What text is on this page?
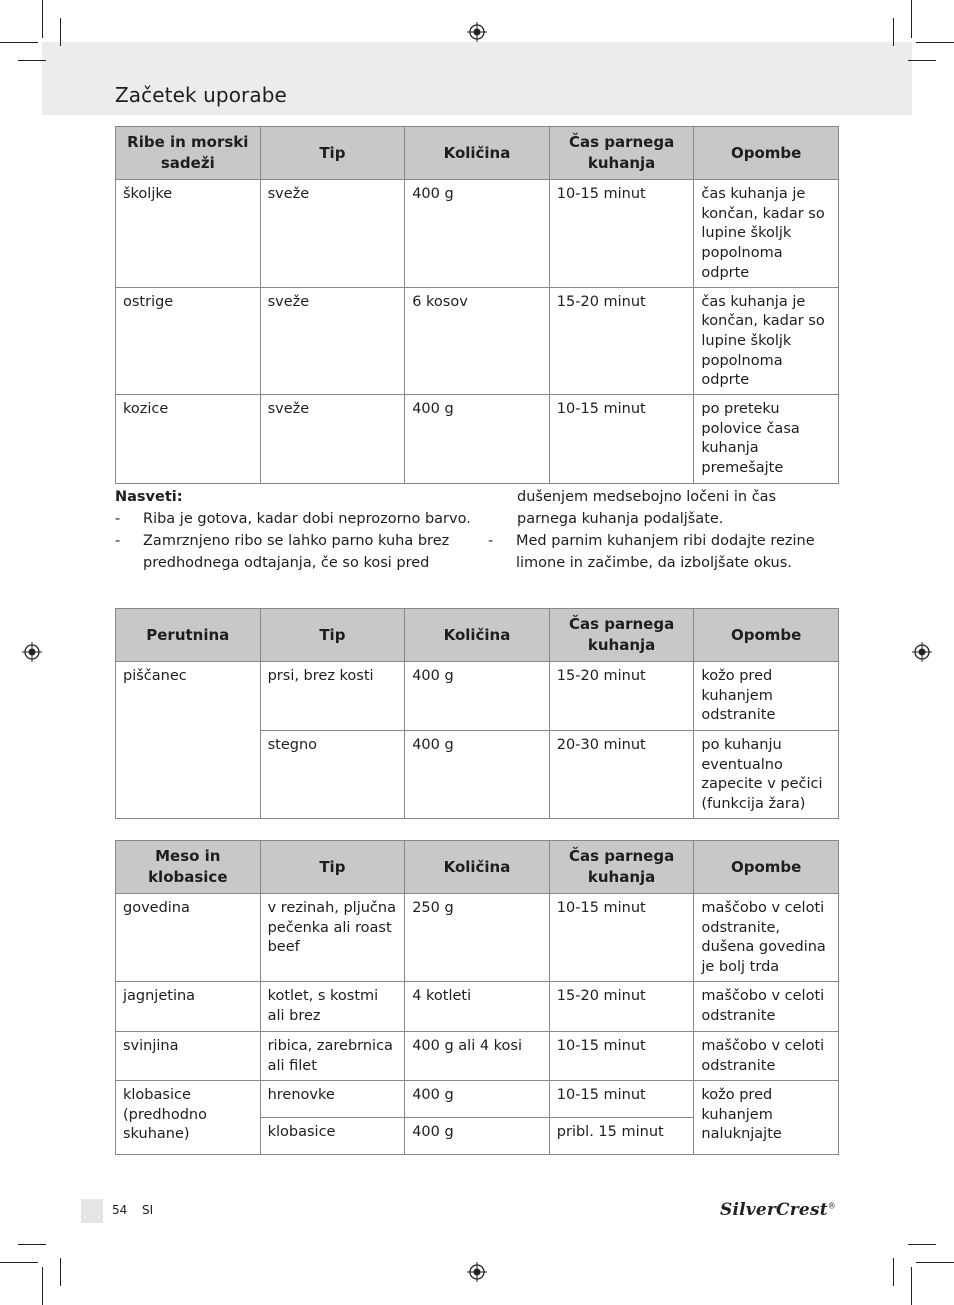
Začetek uporabe
Ribe in morski sadeži	Tip	Količina	Čas parnega kuhanja	Opombe
školjke	sveže	400 g	10-15 minut	čas kuhanja je končan, kadar so lupine školjk popolnoma odprte
ostrige	sveže	6 kosov	15-20 minut	čas kuhanja je končan, kadar so lupine školjk popolnoma odprte
kozice	sveže	400 g	10-15 minut	po preteku polovice časa kuhanja premešajte
Nasveti:
- Riba je gotova, kadar dobi neprozorno barvo.
- Zamrznjeno ribo se lahko parno kuha brez predhodnega odtajanja, če so kosi pred
dušenjem medsebojno ločeni in čas parnega kuhanja podaljšate.
- Med parnim kuhanjem ribi dodajte rezine limone in začimbe, da izboljšate okus.
Perutnina	Tip	Količina	Čas parnega kuhanja	Opombe
piščanec	prsi, brez kosti	400 g	15-20 minut	kožo pred kuhanjem odstranite
	stegno	400 g	20-30 minut	po kuhanju eventualno zapecite v pečici (funkcija žara)
Meso in klobasice	Tip	Količina	Čas parnega kuhanja	Opombe
govedina	v rezinah, pljučna pečenka ali roast beef	250 g	10-15 minut	maščobo v celoti odstranite, dušena govedina je bolj trda
jagnjetina	kotlet, s kostmi ali brez	4 kotleti	15-20 minut	maščobo v celoti odstranite
svinjina	ribica, zarebrnica ali filet	400 g ali 4 kosi	10-15 minut	maščobo v celoti odstranite
klobasice (predhodno skuhane)	hrenovke	400 g	10-15 minut	kožo pred kuhanjem naluknjajte
	klobasice	400 g	pribl. 15 minut	
54 SI	SilverCrest®
